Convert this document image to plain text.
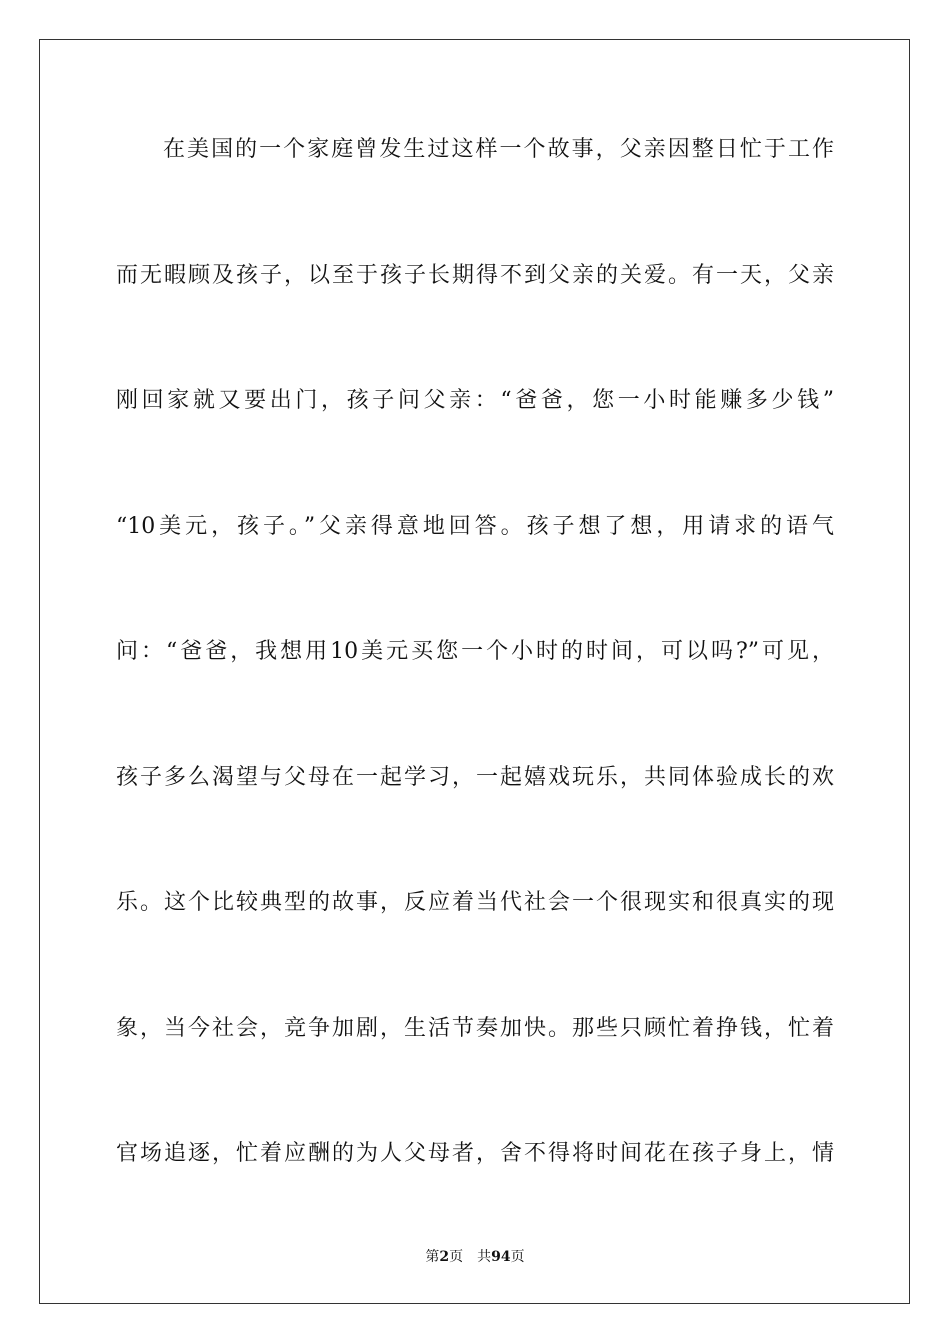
在美国的一个家庭曾发生过这样一个故事，父亲因整日忙于工作
而无暇顾及孩子，以至于孩子长期得不到父亲的关爱。有一天，父亲
刚回家就又要出门，孩子问父亲：“爸爸，您一小时能赚多少钱”
“10美元，孩子。”父亲得意地回答。孩子想了想，用请求的语气
问：“爸爸，我想用10美元买您一个小时的时间，可以吗?”可见，
孩子多么渴望与父母在一起学习，一起嬉戏玩乐，共同体验成长的欢
乐。这个比较典型的故事，反应着当代社会一个很现实和很真实的现
象，当今社会，竞争加剧，生活节奏加快。那些只顾忙着挣钱，忙着
官场追逐，忙着应酬的为人父母者，舍不得将时间花在孩子身上，情
第2页 共94页
